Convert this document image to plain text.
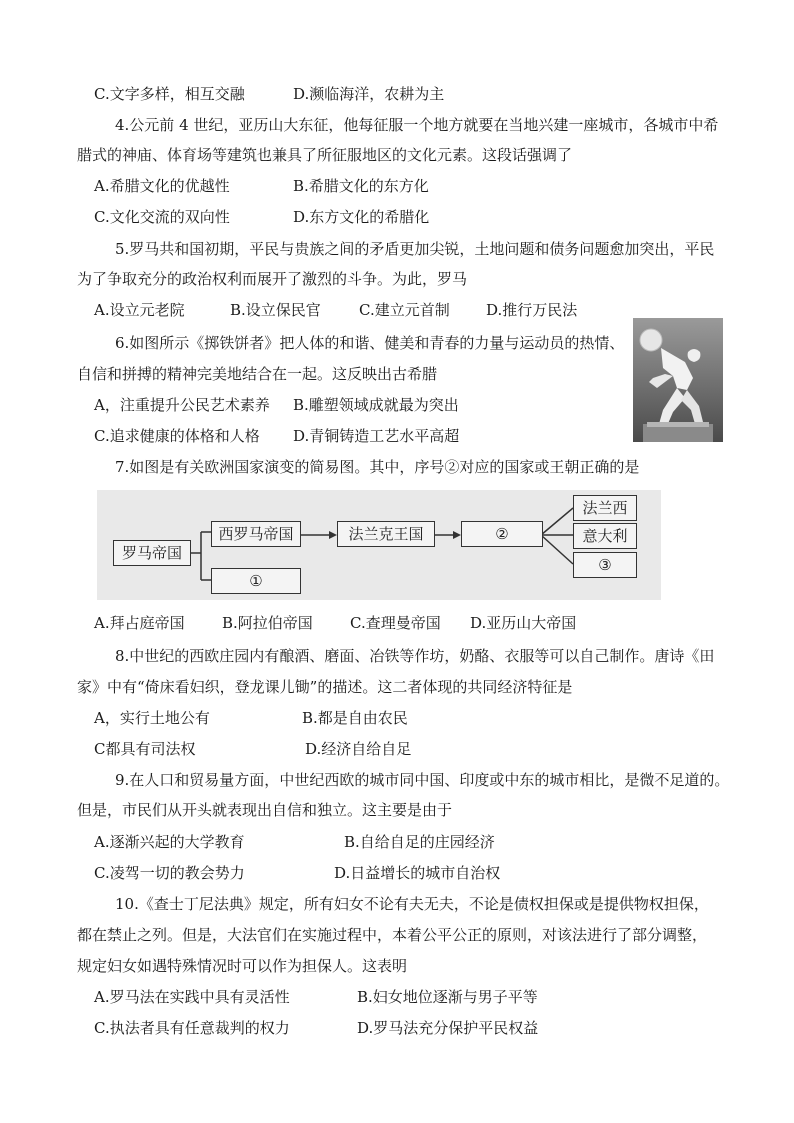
C.文字多样，相互交融	D.濒临海洋，农耕为主
4.公元前 4 世纪，亚历山大东征，他每征服一个地方就要在当地兴建一座城市，各城市中希
腊式的神庙、体育场等建筑也兼具了所征服地区的文化元素。这段话强调了
A.希腊文化的优越性	B.希腊文化的东方化
C.文化交流的双向性	D.东方文化的希腊化
5.罗马共和国初期，平民与贵族之间的矛盾更加尖锐，土地问题和债务问题愈加突出，平民
为了争取充分的政治权利而展开了激烈的斗争。为此，罗马
A.设立元老院	B.设立保民官	C.建立元首制 D.推行万民法
6.如图所示《掷铁饼者》把人体的和谐、健美和青春的力量与运动员的热情、
自信和拼搏的精神完美地结合在一起。这反映出古希腊
A，注重提升公民艺术素养 B.雕塑领域成就最为突出
C.追求健康的体格和人格 D.青铜铸造工艺水平高超
7.如图是有关欧洲国家演变的简易图。其中，序号②对应的国家或王朝正确的是
罗马帝国
西罗马帝国
①
法兰克王国	②
法兰西
意大利
③
A.拜占庭帝国 B.阿拉伯帝国 C.查理曼帝国 D.亚历山大帝国
8.中世纪的西欧庄园内有酿酒、磨面、冶铁等作坊，奶酪、衣服等可以自己制作。唐诗《田
家》中有“倚床看妇织，登龙课儿锄”的描述。这二者体现的共同经济特征是
A，实行土地公有	B.都是自由农民
C都具有司法权	D.经济自给自足
9.在人口和贸易量方面，中世纪西欧的城市同中国、印度或中东的城市相比，是微不足道的。
但是，市民们从开头就表现出自信和独立。这主要是由于
A.逐渐兴起的大学教育	B.自给自足的庄园经济
C.凌驾一切的教会势力	D.日益增长的城市自治权
10.《查士丁尼法典》规定，所有妇女不论有夫无夫，不论是债权担保或是提供物权担保，
都在禁止之列。但是，大法官们在实施过程中，本着公平公正的原则，对该法进行了部分调整，
规定妇女如遇特殊情况时可以作为担保人。这表明
A.罗马法在实践中具有灵活性	B.妇女地位逐渐与男子平等
C.执法者具有任意裁判的权力	D.罗马法充分保护平民权益
